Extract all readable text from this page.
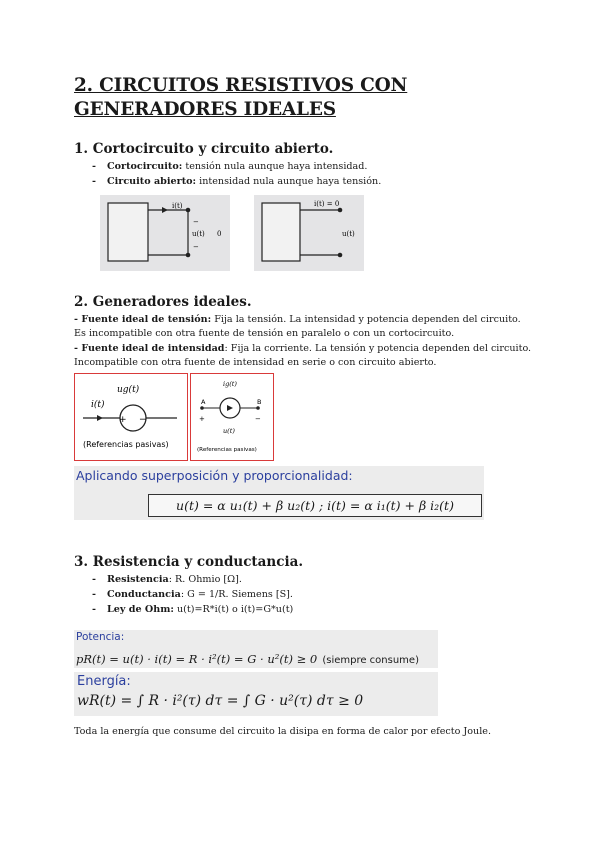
2. CIRCUITOS RESISTIVOS CON GENERADORES IDEALES
1. Cortocircuito y circuito abierto.
- Cortocircuito: tensión nula aunque haya intensidad.
- Circuito abierto: intensidad nula aunque haya tensión.
i(t)
−
u(t) 0
−
i(t) = 0
u(t)
2. Generadores ideales.
- Fuente ideal de tensión: Fija la tensión. La intensidad y potencia dependen del circuito.
Es incompatible con otra fuente de tensión en paralelo o con un cortocircuito.
- Fuente ideal de intensidad: Fija la corriente. La tensión y potencia dependen del circuito.
Incompatible con otra fuente de intensidad en serie o con circuito abierto.
ug(t)
i(t)
+ −
(Referencias pasivas)
ig(t)
A	B
+	−
u(t)
(Referencias pasivas)
Aplicando superposición y proporcionalidad:
u(t) = α u₁(t) + β u₂(t) ; i(t) = α i₁(t) + β i₂(t)
3. Resistencia y conductancia.
- Resistencia: R. Ohmio [Ω].
- Conductancia: G = 1/R. Siemens [S].
- Ley de Ohm: u(t)=R*i(t) o i(t)=G*u(t)
Potencia:
pR(t) = u(t) · i(t) = R · i²(t) = G · u²(t) ≥ 0 (siempre consume)
Energía:
wR(t) = ∫ R · i²(τ) dτ = ∫ G · u²(τ) dτ ≥ 0
Toda la energía que consume del circuito la disipa en forma de calor por efecto Joule.
